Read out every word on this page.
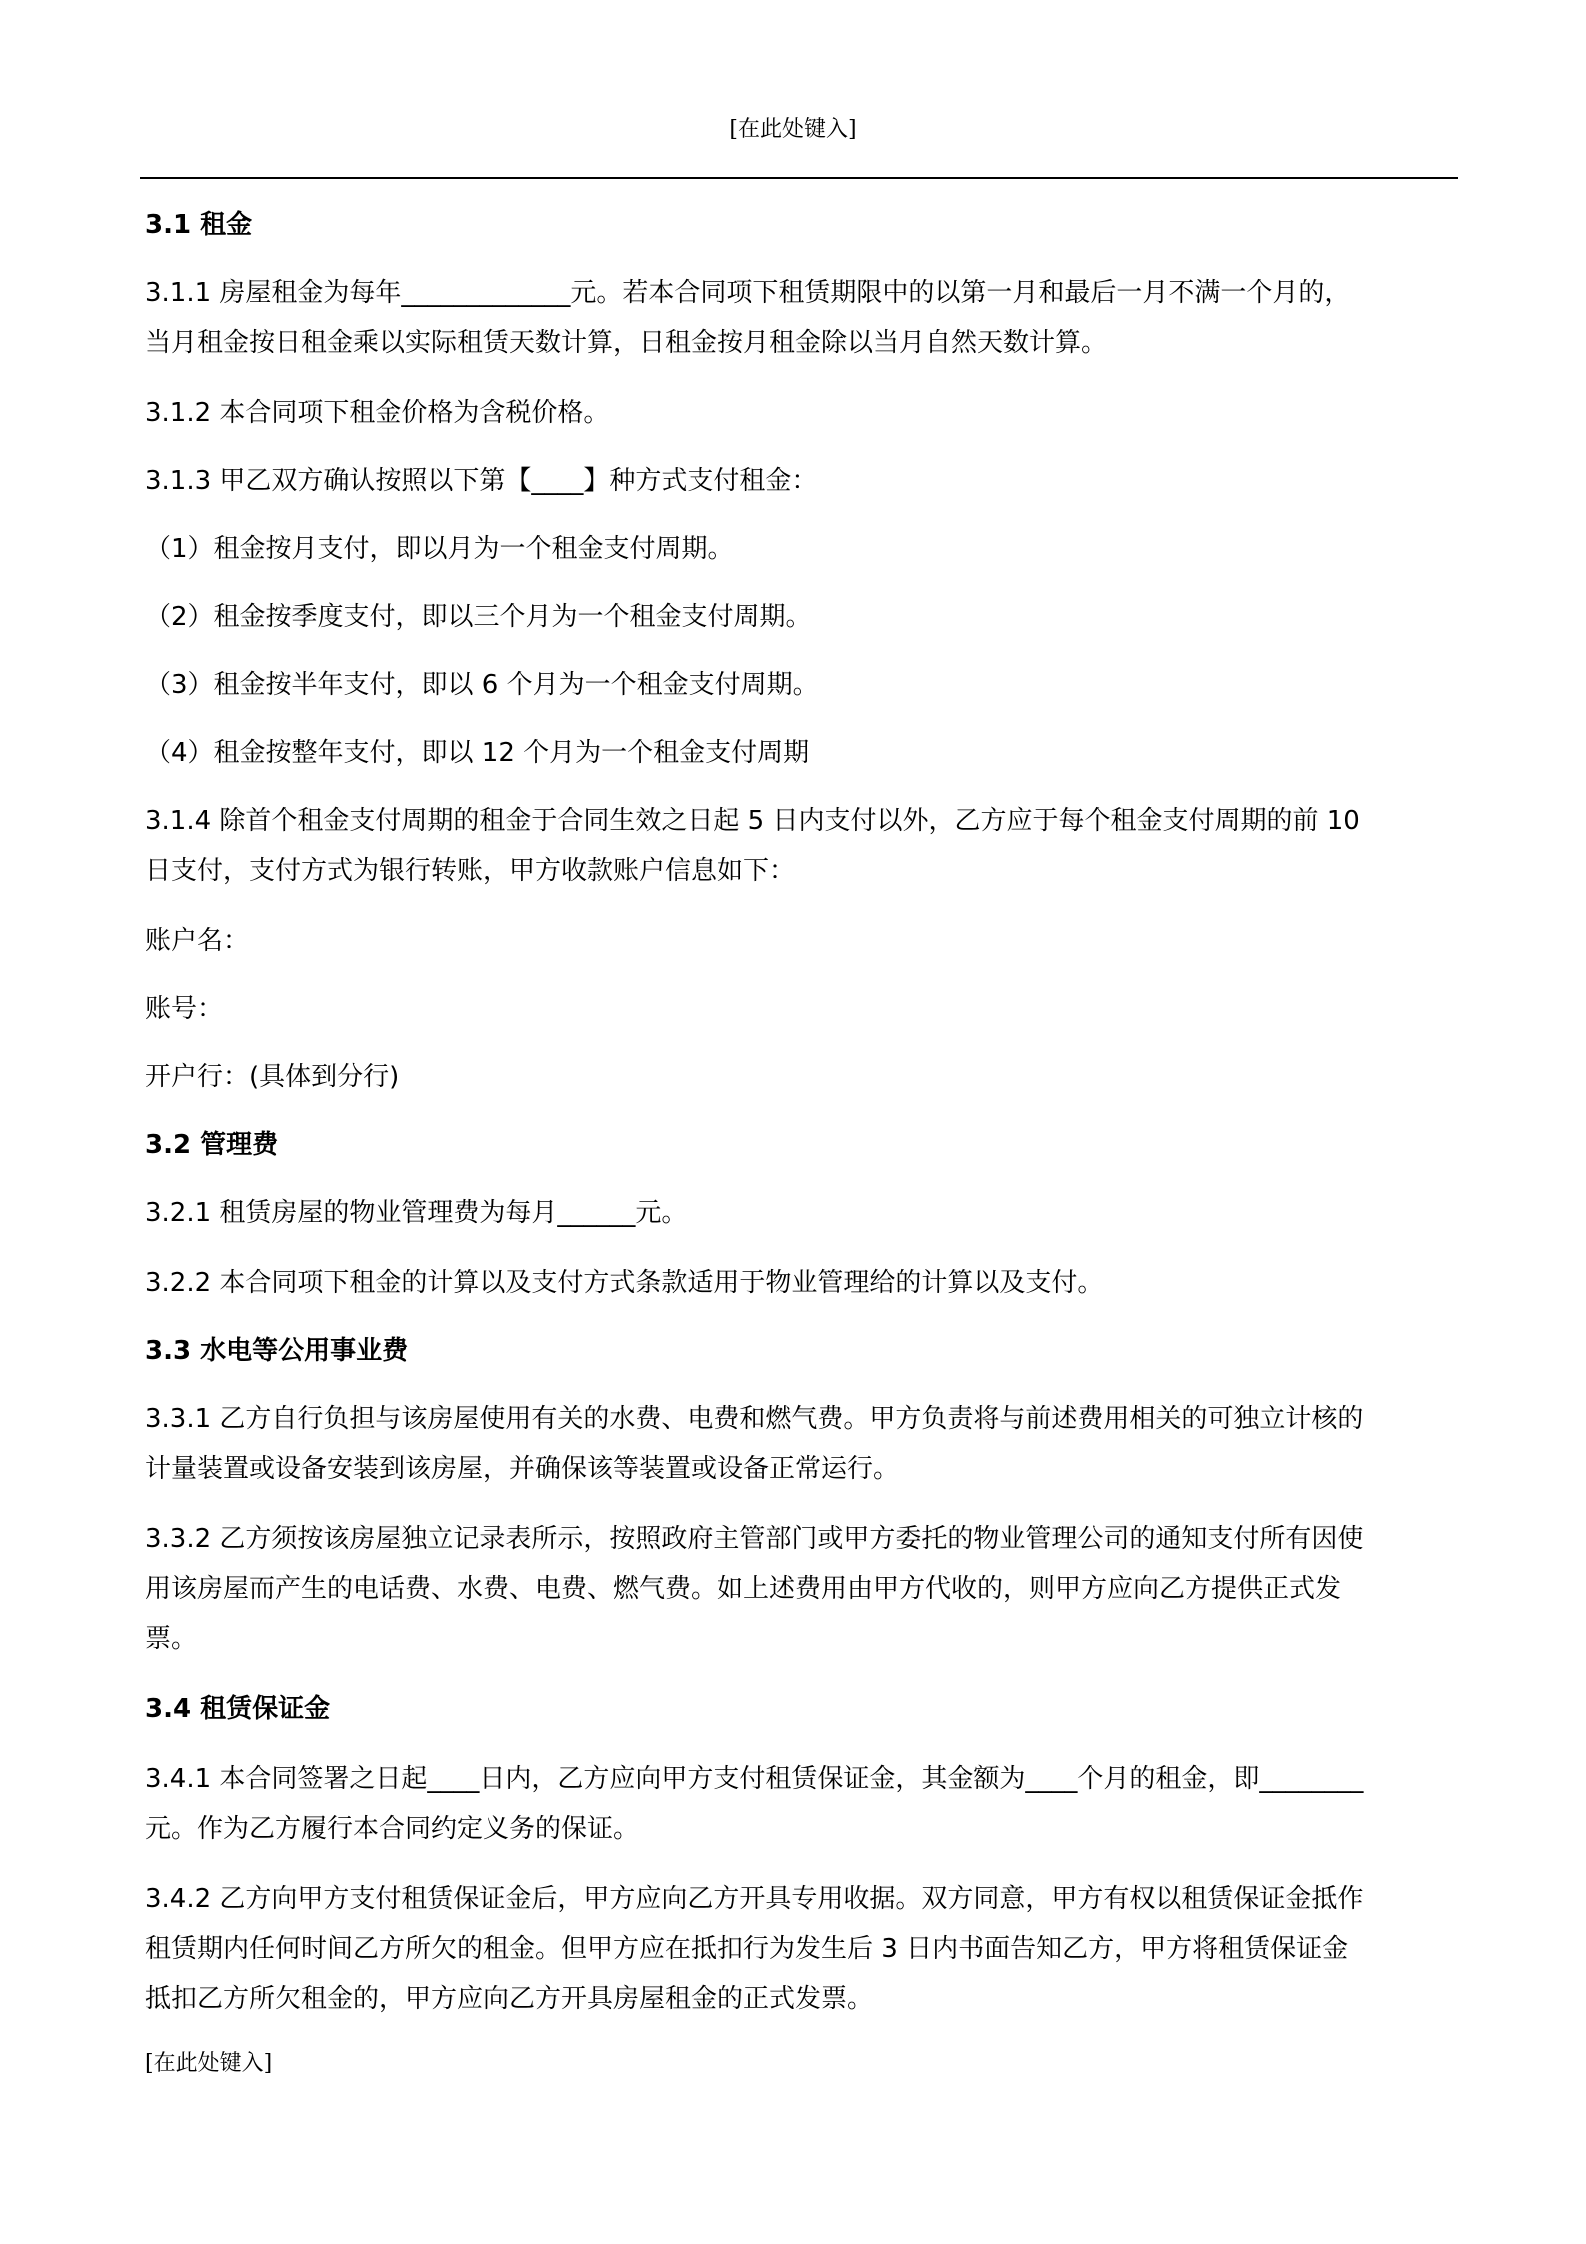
[在此处键入]

3.1 租金

3.1.1 房屋租金为每年_____________元。若本合同项下租赁期限中的以第一月和最后一月不满一个月的，

当月租金按日租金乘以实际租赁天数计算，日租金按月租金除以当月自然天数计算。

3.1.2 本合同项下租金价格为含税价格。

3.1.3 甲乙双方确认按照以下第【____】种方式支付租金：

（1）租金按月支付，即以月为一个租金支付周期。

（2）租金按季度支付，即以三个月为一个租金支付周期。

（3）租金按半年支付，即以 6 个月为一个租金支付周期。

（4）租金按整年支付，即以 12 个月为一个租金支付周期

3.1.4 除首个租金支付周期的租金于合同生效之日起 5 日内支付以外，乙方应于每个租金支付周期的前 10

日支付，支付方式为银行转账，甲方收款账户信息如下：

账户名：

账号：

开户行：(具体到分行)

3.2 管理费

3.2.1 租赁房屋的物业管理费为每月______元。

3.2.2 本合同项下租金的计算以及支付方式条款适用于物业管理给的计算以及支付。

3.3 水电等公用事业费

3.3.1 乙方自行负担与该房屋使用有关的水费、电费和燃气费。甲方负责将与前述费用相关的可独立计核的

计量装置或设备安装到该房屋，并确保该等装置或设备正常运行。

3.3.2 乙方须按该房屋独立记录表所示，按照政府主管部门或甲方委托的物业管理公司的通知支付所有因使

用该房屋而产生的电话费、水费、电费、燃气费。如上述费用由甲方代收的，则甲方应向乙方提供正式发

票。

3.4 租赁保证金

3.4.1 本合同签署之日起____日内，乙方应向甲方支付租赁保证金，其金额为____个月的租金，即________

元。作为乙方履行本合同约定义务的保证。

3.4.2 乙方向甲方支付租赁保证金后，甲方应向乙方开具专用收据。双方同意，甲方有权以租赁保证金抵作

租赁期内任何时间乙方所欠的租金。但甲方应在抵扣行为发生后 3 日内书面告知乙方，甲方将租赁保证金

抵扣乙方所欠租金的，甲方应向乙方开具房屋租金的正式发票。

[在此处键入]
